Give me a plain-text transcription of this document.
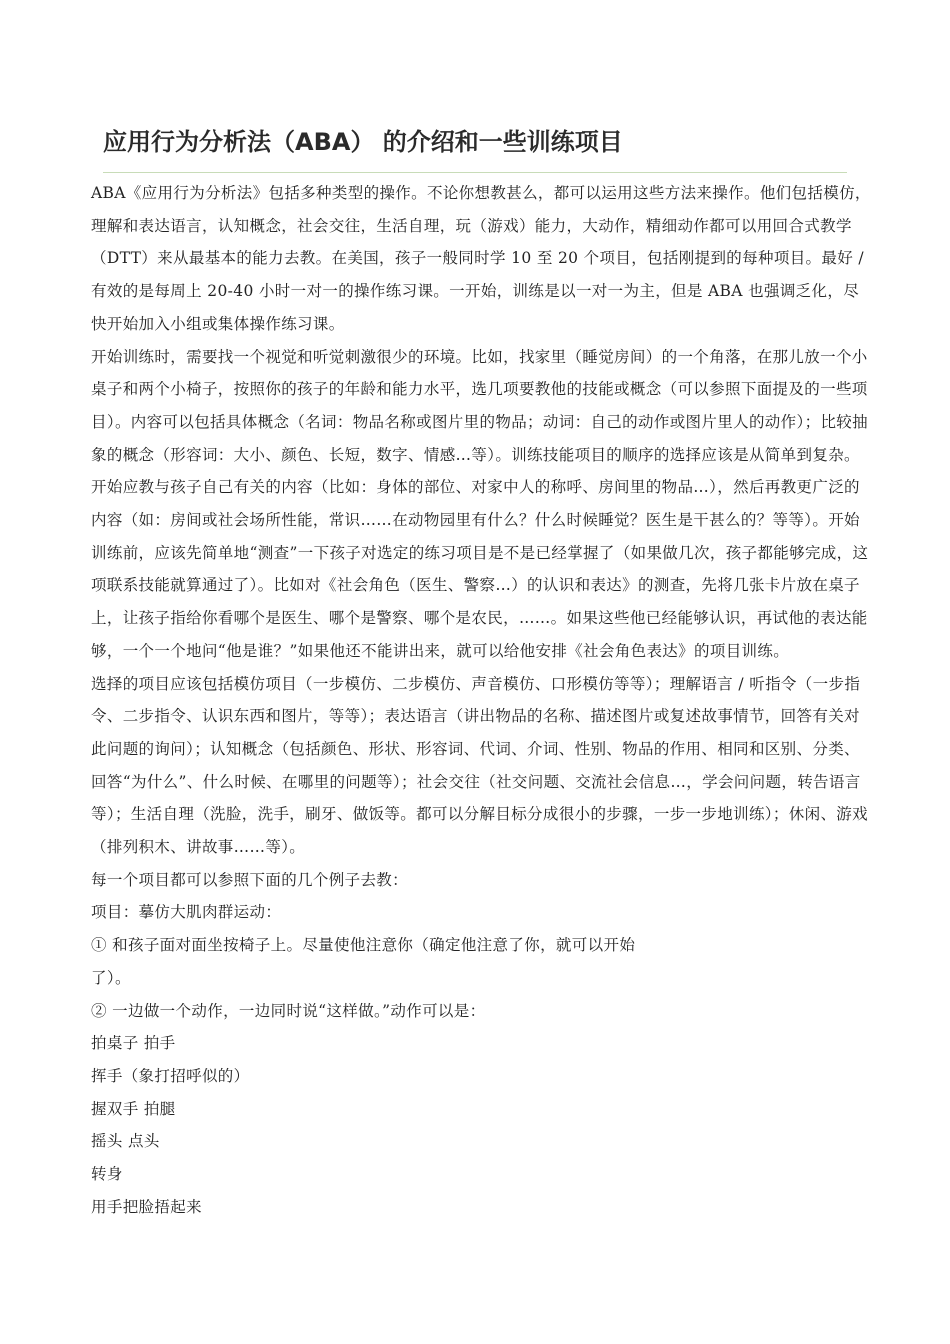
应用行为分析法（ABA） 的介绍和一些训练项目

ABA《应用行为分析法》包括多种类型的操作。不论你想教甚么，都可以运用这些方法来操作。他们包括模仿，理解和表达语言，认知概念，社会交往，生活自理，玩（游戏）能力，大动作，精细动作都可以用回合式教学（DTT）来从最基本的能力去教。在美国，孩子一般同时学 10 至 20 个项目，包括刚提到的每种项目。最好 / 有效的是每周上 20-40 小时一对一的操作练习课。一开始，训练是以一对一为主，但是 ABA 也强调乏化，尽快开始加入小组或集体操作练习课。

开始训练时，需要找一个视觉和听觉刺激很少的环境。比如，找家里（睡觉房间）的一个角落，在那儿放一个小桌子和两个小椅子，按照你的孩子的年龄和能力水平，选几项要教他的技能或概念（可以参照下面提及的一些项目）。内容可以包括具体概念（名词：物品名称或图片里的物品；动词：自己的动作或图片里人的动作）；比较抽象的概念（形容词：大小、颜色、长短，数字、情感…等）。训练技能项目的顺序的选择应该是从简单到复杂。开始应教与孩子自己有关的内容（比如：身体的部位、对家中人的称呼、房间里的物品…），然后再教更广泛的内容（如：房间或社会场所性能，常识……在动物园里有什么？什么时候睡觉？医生是干甚么的？等等）。开始训练前，应该先简单地“测查”一下孩子对选定的练习项目是不是已经掌握了（如果做几次，孩子都能够完成，这项联系技能就算通过了）。比如对《社会角色（医生、警察…）的认识和表达》的测查，先将几张卡片放在桌子上，让孩子指给你看哪个是医生、哪个是警察、哪个是农民，……。如果这些他已经能够认识，再试他的表达能够，一个一个地问“他是谁？”如果他还不能讲出来，就可以给他安排《社会角色表达》的项目训练。

选择的项目应该包括模仿项目（一步模仿、二步模仿、声音模仿、口形模仿等等）；理解语言 / 听指令（一步指令、二步指令、认识东西和图片，等等）；表达语言（讲出物品的名称、描述图片或复述故事情节，回答有关对此问题的询问）；认知概念（包括颜色、形状、形容词、代词、介词、性别、物品的作用、相同和区别、分类、回答“为什么”、什么时候、在哪里的问题等）；社会交往（社交问题、交流社会信息…，学会问问题，转告语言等）；生活自理（洗脸，洗手，刷牙、做饭等。都可以分解目标分成很小的步骤，一步一步地训练）；休闲、游戏（排列积木、讲故事……等）。

每一个项目都可以参照下面的几个例子去教：

项目：摹仿大肌肉群运动：

① 和孩子面对面坐按椅子上。尽量使他注意你（确定他注意了你，就可以开始了）。

② 一边做一个动作，一边同时说“这样做。”动作可以是：

拍桌子 拍手

挥手（象打招呼似的）

握双手 拍腿

摇头 点头

转身

用手把脸捂起来
